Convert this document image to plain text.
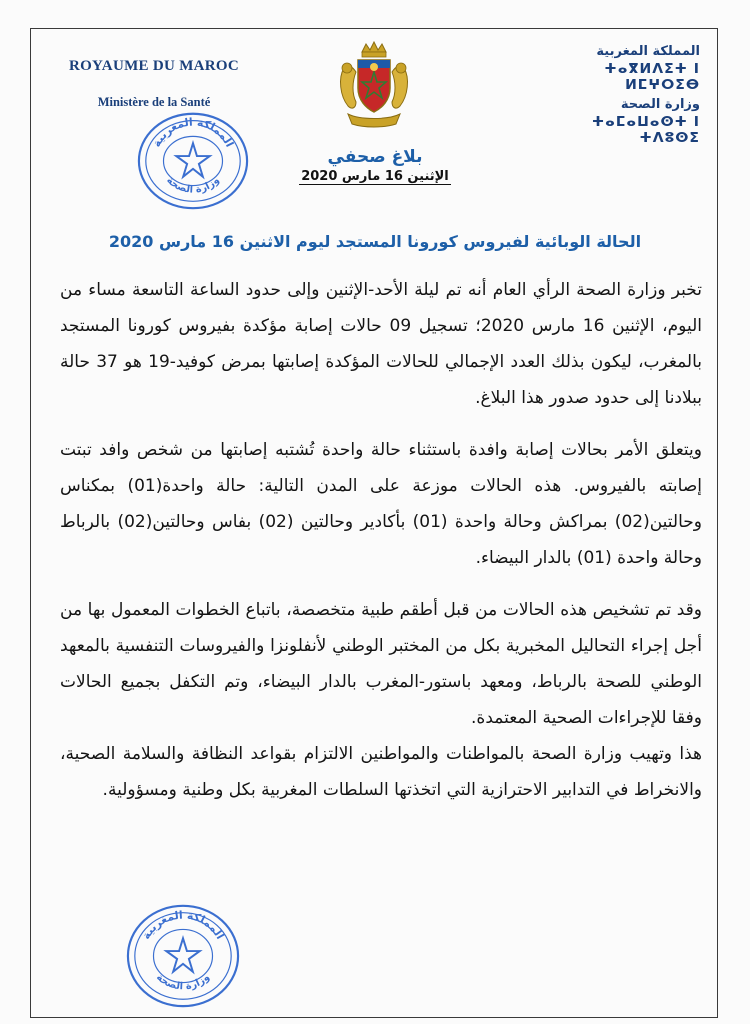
ROYAUME DU MAROC
Ministère de la Santé
المملكة المغربية
ⵜⴰⴳⵍⴷⵉⵜ ⵏ ⵍⵎⵖⵔⵉⴱ
وزارة الصحة
ⵜⴰⵎⴰⵡⴰⵙⵜ ⵏ ⵜⴷⵓⵙⵉ
المملكة المغربية
وزارة الصحة
بلاغ صحفي
الإثنين 16 مارس 2020
الحالة الوبائية لفيروس كورونا المستجد ليوم الاثنين 16 مارس 2020

تخبر وزارة الصحة الرأي العام أنه تم ليلة الأحد-الإثنين وإلى حدود الساعة التاسعة مساء من اليوم، الإثنين 16 مارس 2020؛ تسجيل 09 حالات إصابة مؤكدة بفيروس كورونا المستجد بالمغرب، ليكون بذلك العدد الإجمالي للحالات المؤكدة إصابتها بمرض كوفيد-19 هو 37 حالة ببلادنا إلى حدود صدور هذا البلاغ.

ويتعلق الأمر بحالات إصابة وافدة باستثناء حالة واحدة تُشتبه إصابتها من شخص وافد تبتت إصابته بالفيروس. هذه الحالات موزعة على المدن التالية: حالة واحدة(01) بمكناس وحالتين(02) بمراكش وحالة واحدة (01) بأكادير وحالتين (02) بفاس وحالتين(02) بالرباط وحالة واحدة (01) بالدار البيضاء.

وقد تم تشخيص هذه الحالات من قبل أطقم طبية متخصصة، باتباع الخطوات المعمول بها من أجل إجراء التحاليل المخبرية بكل من المختبر الوطني لأنفلونزا والفيروسات التنفسية بالمعهد الوطني للصحة بالرباط، ومعهد باستور-المغرب بالدار البيضاء، وتم التكفل بجميع الحالات وفقا للإجراءات الصحية المعتمدة.

هذا وتهيب وزارة الصحة بالمواطنات والمواطنين الالتزام بقواعد النظافة والسلامة الصحية، والانخراط في التدابير الاحترازية التي اتخذتها السلطات المغربية بكل وطنية ومسؤولية.

المملكة المغربية
وزارة الصحة
